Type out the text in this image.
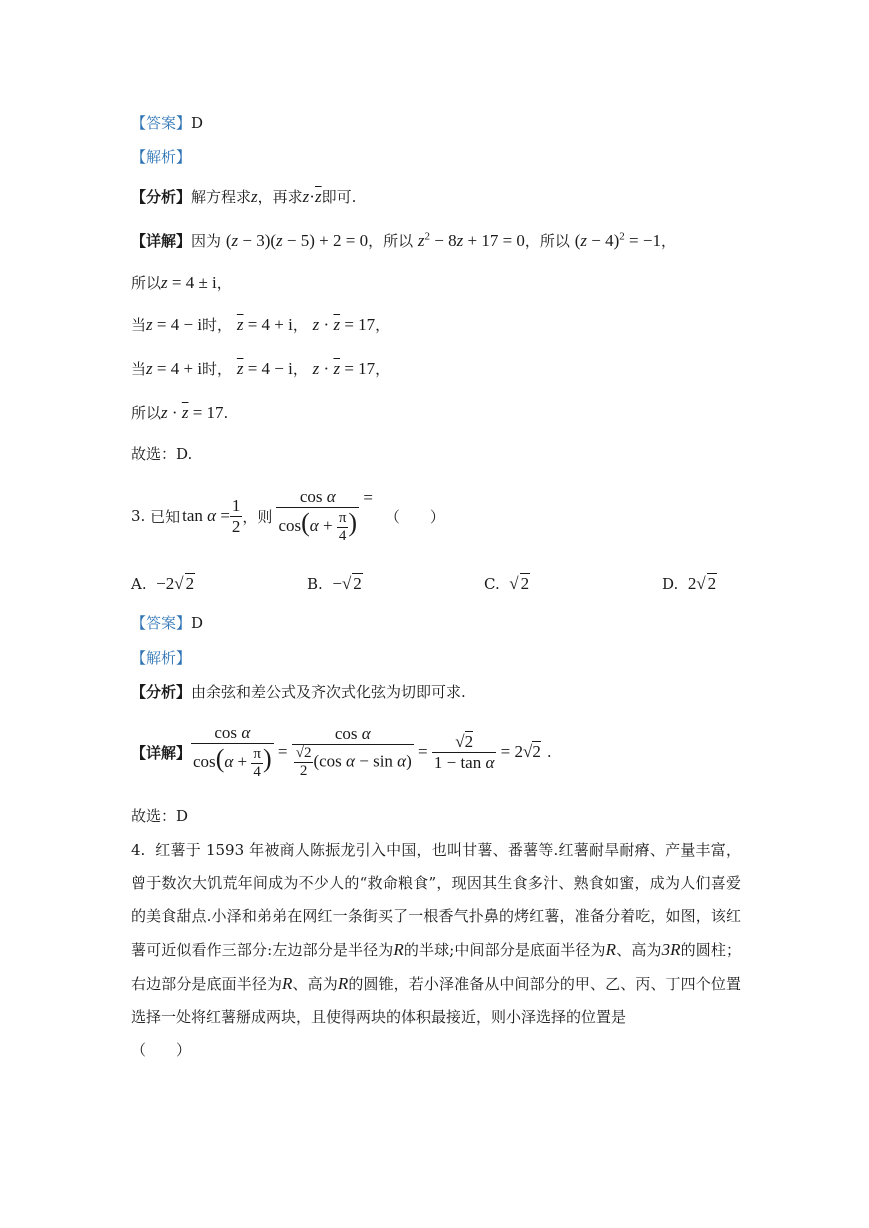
【答案】D
【解析】
【分析】解方程求z，再求$z\cdot\overline{z}$即可.
【详解】因为 (z − 3)(z − 5) + 2 = 0，所以 $z^2 - 8z + 17 = 0$，所以 $(z - 4)^2 = -1$，
所以z = 4 ± i，
当z = 4 − i时， $\overline{z} = 4 + i$， $z \cdot \overline{z} = 17$，
当z = 4 + i时， $\overline{z} = 4 - i$， $z \cdot \overline{z} = 17$，
所以$z \cdot \overline{z} = 17$.
故选：D.
3.
已知 $\tan \alpha = \frac{1}{2}$ ，则 $\frac{\text{cos α}}{\cos(\alpha + \frac{\pi}{4} )}$ =
（　　）
A. −2√ 2	B. −√ 2	C. √ 2	D. 2√ 2
【答案】D
【解析】
【分析】由余弦和差公式及齐次式化弦为切即可求.
【详解】 $\frac{\text{cos α}}{\cos(\alpha + \frac{\pi}{4} )} = \frac{\text{cos α}}{\frac{√2}{2} (\cos \alpha - \sin \alpha)} = \frac{√2}{\text{1 − tan α}} = 2√2$ .
故选：D
4. 红薯于 1593 年被商人陈振龙引入中国，也叫甘薯、番薯等.红薯耐旱耐瘠、产量丰富，曾于数次大饥荒年间成为不少人的“救命粮食”，现因其生食多汁、熟食如蜜，成为人们喜爱的美食甜点.小泽和弟弟在网红一条街买了一根香气扑鼻的烤红薯，准备分着吃，如图，该红薯可近似看作三部分:左边部分是半径为R的半球;中间部分是底面半径为R、高为3R的圆柱；右边部分是底面半径为R、高为R的圆锥，若小泽准备从中间部分的甲、乙、丙、丁四个位置选择一处将红薯掰成两块，且使得两块的体积最接近，则小泽选择的位置是
（　　）
